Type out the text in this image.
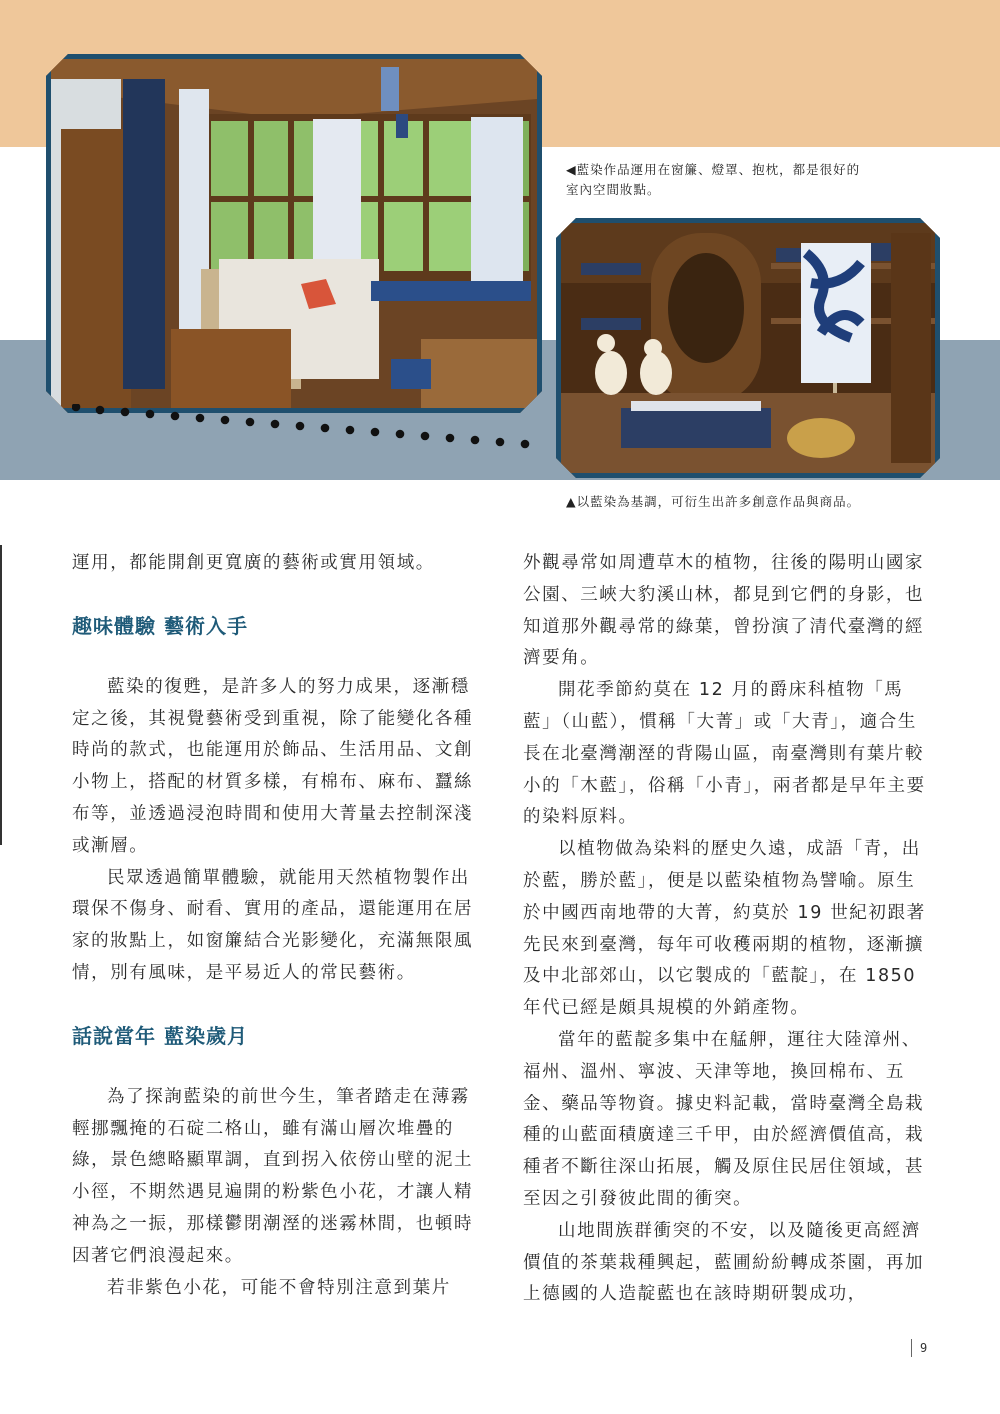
◀藍染作品運用在窗簾、燈罩、抱枕，都是很好的室內空間妝點。
▲以藍染為基調，可衍生出許多創意作品與商品。

運用，都能開創更寬廣的藝術或實用領域。

趣味體驗 藝術入手

藍染的復甦，是許多人的努力成果，逐漸穩定之後，其視覺藝術受到重視，除了能變化各種時尚的款式，也能運用於飾品、生活用品、文創小物上，搭配的材質多樣，有棉布、麻布、蠶絲布等，並透過浸泡時間和使用大菁量去控制深淺或漸層。

民眾透過簡單體驗，就能用天然植物製作出環保不傷身、耐看、實用的產品，還能運用在居家的妝點上，如窗簾結合光影變化，充滿無限風情，別有風味，是平易近人的常民藝術。

話說當年 藍染歲月

為了探詢藍染的前世今生，筆者踏走在薄霧輕挪飄掩的石碇二格山，雖有滿山層次堆疊的綠，景色總略顯單調，直到拐入依傍山壁的泥土小徑，不期然遇見遍開的粉紫色小花，才讓人精神為之一振，那樣鬱閉潮溼的迷霧林間，也頓時因著它們浪漫起來。

若非紫色小花，可能不會特別注意到葉片

外觀尋常如周遭草木的植物，往後的陽明山國家公園、三峽大豹溪山林，都見到它們的身影，也知道那外觀尋常的綠葉，曾扮演了清代臺灣的經濟要角。

開花季節約莫在 12 月的爵床科植物「馬藍」（山藍），慣稱「大菁」或「大青」，適合生長在北臺灣潮溼的背陽山區，南臺灣則有葉片較小的「木藍」，俗稱「小青」，兩者都是早年主要的染料原料。

以植物做為染料的歷史久遠，成語「青，出於藍，勝於藍」，便是以藍染植物為譬喻。原生於中國西南地帶的大菁，約莫於 19 世紀初跟著先民來到臺灣，每年可收穫兩期的植物，逐漸擴及中北部郊山，以它製成的「藍靛」，在 1850 年代已經是頗具規模的外銷產物。

當年的藍靛多集中在艋舺，運往大陸漳州、福州、溫州、寧波、天津等地，換回棉布、五金、藥品等物資。據史料記載，當時臺灣全島栽種的山藍面積廣達三千甲，由於經濟價值高，栽種者不斷往深山拓展，觸及原住民居住領域，甚至因之引發彼此間的衝突。

山地間族群衝突的不安，以及隨後更高經濟價值的茶葉栽種興起，藍圃紛紛轉成茶園，再加上德國的人造靛藍也在該時期研製成功，

9
